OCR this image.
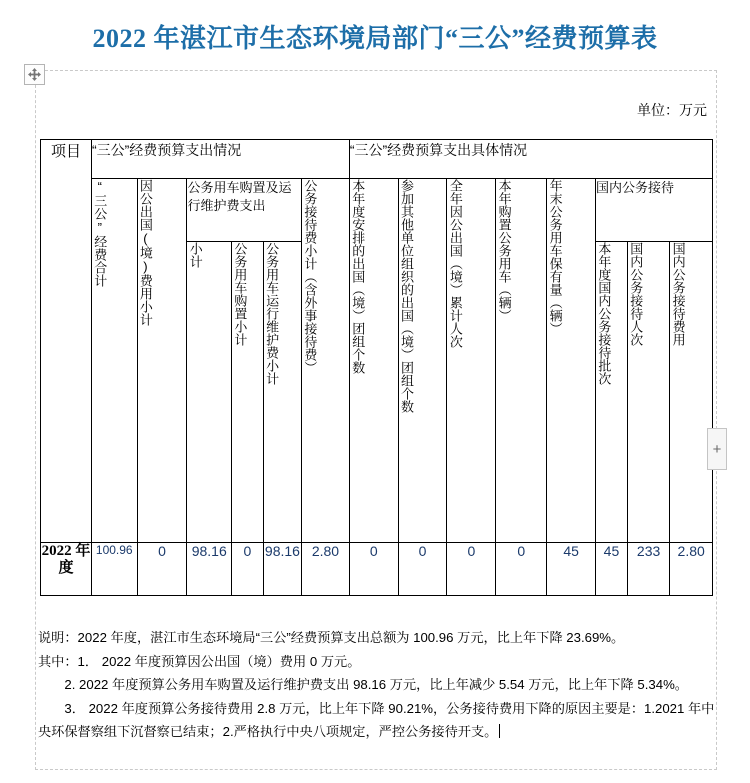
2022 年湛江市生态环境局部门“三公”经费预算表
+
单位：万元
项目	“三公”经费预算支出情况						“三公”经费预算支出具体情况							
	“三公”经费合计	因公出国(境)费用小计	公务用车购置及运行维护费支出			公务接待费小计（含外事接待费）	本年度安排的出国（境）团组个数	参加其他单位组织的出国（境）团组个数	全年因公出国（境）累计人次	本年购置公务用车（辆）	年末公务用车保有量（辆）	国内公务接待		
			小计	公务用车购置小计	公务用车运行维护费小计							本年度国内公务接待批次	国内公务接待人次	国内公务接待费用

2022 年度	100.96	0	98.16	0	98.16	2.80	0	0	0	0	45	45	233	2.80

说明：2022 年度，湛江市生态环境局“三公”经费预算支出总额为 100.96 万元，比上年下降 23.69%。

其中：1． 2022 年度预算因公出国（境）费用 0 万元。

2. 2022 年度预算公务用车购置及运行维护费支出 98.16 万元，比上年减少 5.54 万元，比上年下降 5.34%。

3． 2022 年度预算公务接待费用 2.8 万元，比上年下降 90.21%，公务接待费用下降的原因主要是：1.2021 年中央环保督察组下沉督察已结束；2.严格执行中央八项规定，严控公务接待开支。
